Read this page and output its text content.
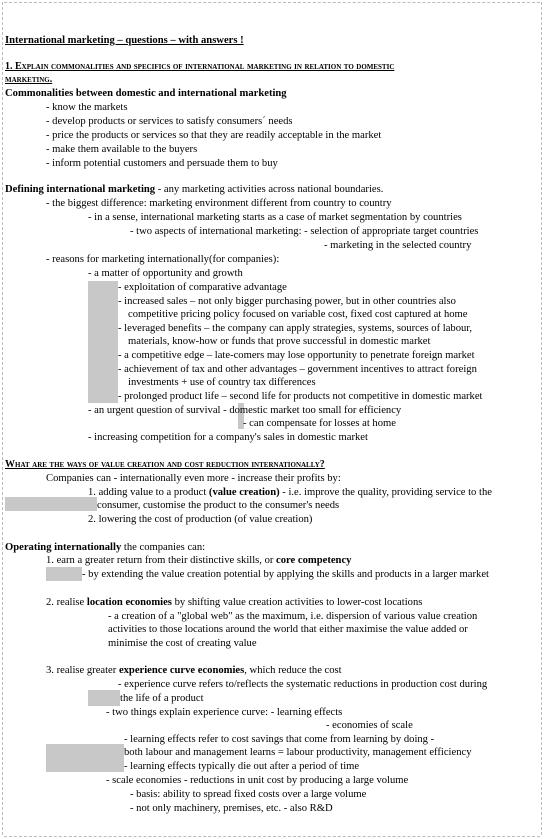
International marketing – questions – with answers !
1. Explain commonalities and specifics of international marketing in relation to domestic
marketing.
Commonalities between domestic and international marketing
- know the markets
- develop products or services to satisfy consumers´ needs
- price the products or services so that they are readily acceptable in the market
- make them available to the buyers
- inform potential customers and persuade them to buy
Defining international marketing - any marketing activities across national boundaries.
- the biggest difference: marketing environment different from country to country
- in a sense, international marketing starts as a case of market segmentation by countries
- two aspects of international marketing: - selection of appropriate target countries
- marketing in the selected country
- reasons for marketing internationally(for companies):
- a matter of opportunity and growth
- exploitation of comparative advantage
- increased sales – not only bigger purchasing power, but in other countries also
competitive pricing policy focused on variable cost, fixed cost captured at home
- leveraged benefits – the company can apply strategies, systems, sources of labour,
materials, know-how or funds that prove successful in domestic market
- a competitive edge – late-comers may lose opportunity to penetrate foreign market
- achievement of tax and other advantages – government incentives to attract foreign
investments + use of country tax differences
- prolonged product life – second life for products not competitive in domestic market
- an urgent question of survival - domestic market too small for efficiency
- can compensate for losses at home
- increasing competition for a company's sales in domestic market
What are the ways of value creation and cost reduction internationally?
Companies can - internationally even more - increase their profits by:
1. adding value to a product (value creation) - i.e. improve the quality, providing service to the
consumer, customise the product to the consumer's needs
2. lowering the cost of production (of value creation)
Operating internationally the companies can:
1. earn a greater return from their distinctive skills, or core competency
- by extending the value creation potential by applying the skills and products in a larger market
2. realise location economies by shifting value creation activities to lower-cost locations
- a creation of a "global web" as the maximum, i.e. dispersion of various value creation
activities to those locations around the world that either maximise the value added or
minimise the cost of creating value
3. realise greater experience curve economies, which reduce the cost
- experience curve refers to/reflects the systematic reductions in production cost during
the life of a product
- two things explain experience curve: - learning effects
- economies of scale
- learning effects refer to cost savings that come from learning by doing -
both labour and management learns = labour productivity, management efficiency
- learning effects typically die out after a period of time
- scale economies - reductions in unit cost by producing a large volume
- basis: ability to spread fixed costs over a large volume
- not only machinery, premises, etc. - also R&D
